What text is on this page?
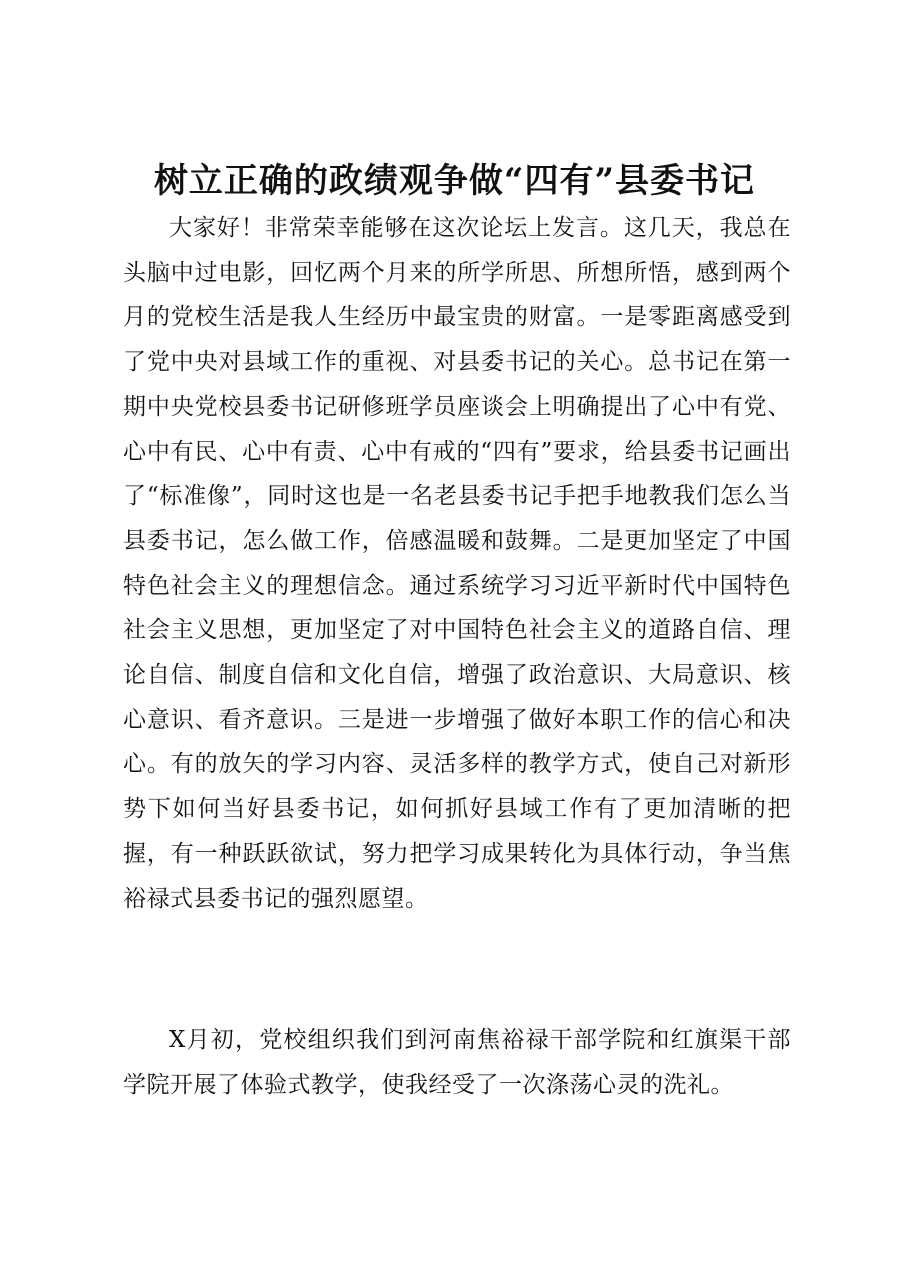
树立正确的政绩观争做“四有”县委书记

大家好！非常荣幸能够在这次论坛上发言。这几天，我总在头脑中过电影，回忆两个月来的所学所思、所想所悟，感到两个月的党校生活是我人生经历中最宝贵的财富。一是零距离感受到了党中央对县域工作的重视、对县委书记的关心。总书记在第一期中央党校县委书记研修班学员座谈会上明确提出了心中有党、心中有民、心中有责、心中有戒的“四有”要求，给县委书记画出了“标准像”，同时这也是一名老县委书记手把手地教我们怎么当县委书记，怎么做工作，倍感温暖和鼓舞。二是更加坚定了中国特色社会主义的理想信念。通过系统学习习近平新时代中国特色社会主义思想，更加坚定了对中国特色社会主义的道路自信、理论自信、制度自信和文化自信，增强了政治意识、大局意识、核心意识、看齐意识。三是进一步增强了做好本职工作的信心和决心。有的放矢的学习内容、灵活多样的教学方式，使自己对新形势下如何当好县委书记，如何抓好县域工作有了更加清晰的把握，有一种跃跃欲试，努力把学习成果转化为具体行动，争当焦裕禄式县委书记的强烈愿望。

X月初，党校组织我们到河南焦裕禄干部学院和红旗渠干部学院开展了体验式教学，使我经受了一次涤荡心灵的洗礼。
